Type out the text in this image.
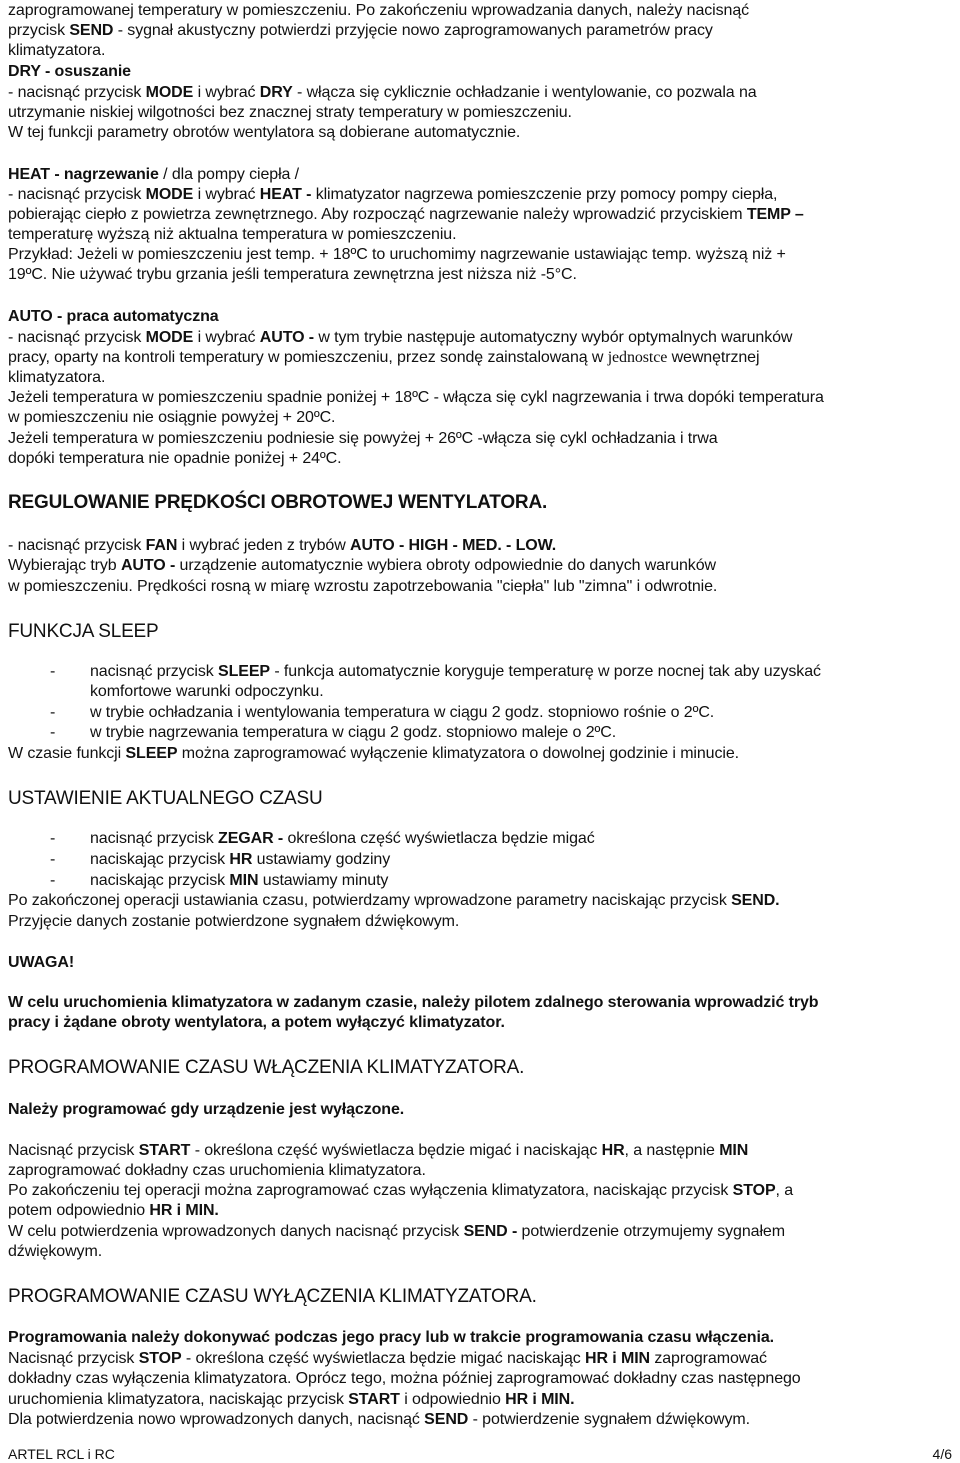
zaprogramowanej temperatury w pomieszczeniu. Po zakończeniu wprowadzania danych, należy nacisnąć
przycisk SEND - sygnał akustyczny potwierdzi przyjęcie nowo zaprogramowanych parametrów pracy
klimatyzatora.
DRY - osuszanie
- nacisnąć przycisk MODE i wybrać DRY - włącza się cyklicznie ochładzanie i wentylowanie, co pozwala na
utrzymanie niskiej wilgotności bez znacznej straty temperatury w pomieszczeniu.
W tej funkcji parametry obrotów wentylatora są dobierane automatycznie.
HEAT - nagrzewanie / dla pompy ciepła /
- nacisnąć przycisk MODE i wybrać HEAT - klimatyzator nagrzewa pomieszczenie przy pomocy pompy ciepła,
pobierając ciepło z powietrza zewnętrznego. Aby rozpocząć nagrzewanie należy wprowadzić przyciskiem TEMP –
temperaturę wyższą niż aktualna temperatura w pomieszczeniu.
Przykład: Jeżeli w pomieszczeniu jest temp. + 18ºC to uruchomimy nagrzewanie ustawiając temp. wyższą niż +
19ºC. Nie używać trybu grzania jeśli temperatura zewnętrzna jest niższa niż -5°C.
AUTO - praca automatyczna
- nacisnąć przycisk MODE i wybrać AUTO - w tym trybie następuje automatyczny wybór optymalnych warunków
pracy, oparty na kontroli temperatury w pomieszczeniu, przez sondę zainstalowaną w jednostce wewnętrznej
klimatyzatora.
Jeżeli temperatura w pomieszczeniu spadnie poniżej + 18ºC - włącza się cykl nagrzewania i trwa dopóki temperatura
w pomieszczeniu nie osiągnie powyżej + 20ºC.
Jeżeli temperatura w pomieszczeniu podniesie się powyżej + 26ºC -włącza się cykl ochładzania i trwa
dopóki temperatura nie opadnie poniżej + 24ºC.
REGULOWANIE PRĘDKOŚCI OBROTOWEJ WENTYLATORA.
- nacisnąć przycisk FAN i wybrać jeden z trybów AUTO - HIGH - MED. - LOW.
Wybierając tryb AUTO - urządzenie automatycznie wybiera obroty odpowiednie do danych warunków
w pomieszczeniu. Prędkości rosną w miarę wzrostu zapotrzebowania "ciepła" lub "zimna" i odwrotnie.
FUNKCJA SLEEP
- nacisnąć przycisk SLEEP - funkcja automatycznie koryguje temperaturę w porze nocnej tak aby uzyskać
komfortowe warunki odpoczynku.
- w trybie ochładzania i wentylowania temperatura w ciągu 2 godz. stopniowo rośnie o 2ºC.
- w trybie nagrzewania temperatura w ciągu 2 godz. stopniowo maleje o 2ºC.
W czasie funkcji SLEEP można zaprogramować wyłączenie klimatyzatora o dowolnej godzinie i minucie.
USTAWIENIE AKTUALNEGO CZASU
- nacisnąć przycisk ZEGAR - określona część wyświetlacza będzie migać
- naciskając przycisk HR ustawiamy godziny
- naciskając przycisk MIN ustawiamy minuty
Po zakończonej operacji ustawiania czasu, potwierdzamy wprowadzone parametry naciskając przycisk SEND.
Przyjęcie danych zostanie potwierdzone sygnałem dźwiękowym.
UWAGA!
W celu uruchomienia klimatyzatora w zadanym czasie, należy pilotem zdalnego sterowania wprowadzić tryb
pracy i żądane obroty wentylatora, a potem wyłączyć klimatyzator.
PROGRAMOWANIE CZASU WŁĄCZENIA KLIMATYZATORA.
Należy programować gdy urządzenie jest wyłączone.
Nacisnąć przycisk START - określona część wyświetlacza będzie migać i naciskając HR, a następnie MIN
zaprogramować dokładny czas uruchomienia klimatyzatora.
Po zakończeniu tej operacji można zaprogramować czas wyłączenia klimatyzatora, naciskając przycisk STOP, a
potem odpowiednio HR i MIN.
W celu potwierdzenia wprowadzonych danych nacisnąć przycisk SEND - potwierdzenie otrzymujemy sygnałem
dźwiękowym.
PROGRAMOWANIE CZASU WYŁĄCZENIA KLIMATYZATORA.
Programowania należy dokonywać podczas jego pracy lub w trakcie programowania czasu włączenia.
Nacisnąć przycisk STOP - określona część wyświetlacza będzie migać naciskając HR i MIN zaprogramować
dokładny czas wyłączenia klimatyzatora. Oprócz tego, można później zaprogramować dokładny czas następnego
uruchomienia klimatyzatora, naciskając przycisk START i odpowiednio HR i MIN.
Dla potwierdzenia nowo wprowadzonych danych, nacisnąć SEND - potwierdzenie sygnałem dźwiękowym.
ARTEL RCL i RC	4/6
